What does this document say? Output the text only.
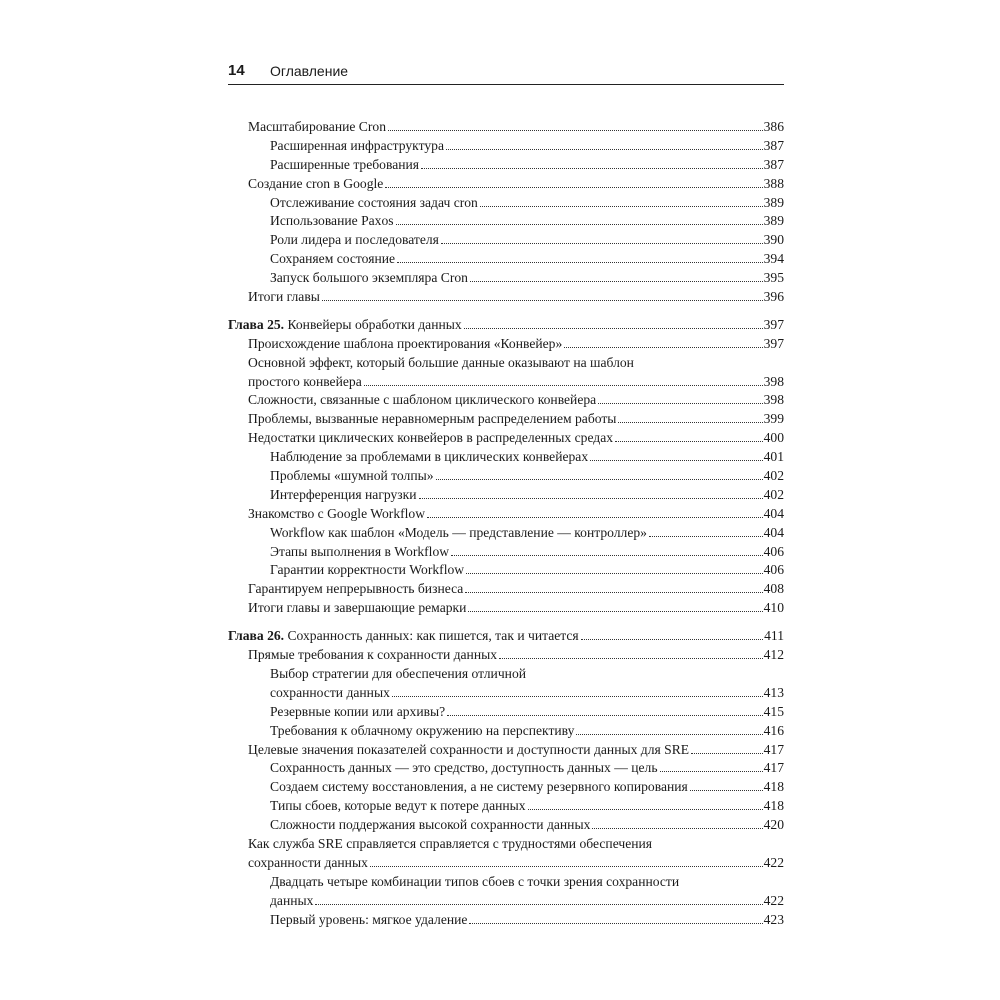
14	Оглавление
Масштабирование Cron	386
Расширенная инфраструктура	387
Расширенные требования	387
Создание cron в Google	388
Отслеживание состояния задач cron	389
Использование Paxos	389
Роли лидера и последователя	390
Сохраняем состояние	394
Запуск большого экземпляра Cron	395
Итоги главы	396
Глава 25. Конвейеры обработки данных	397
Происхождение шаблона проектирования «Конвейер»	397
Основной эффект, который большие данные оказывают на шаблон
простого конвейера	398
Сложности, связанные с шаблоном циклического конвейера	398
Проблемы, вызванные неравномерным распределением работы	399
Недостатки циклических конвейеров в распределенных средах	400
Наблюдение за проблемами в циклических конвейерах	401
Проблемы «шумной толпы»	402
Интерференция нагрузки	402
Знакомство с Google Workflow	404
Workflow как шаблон «Модель — представление — контроллер»	404
Этапы выполнения в Workflow	406
Гарантии корректности Workflow	406
Гарантируем непрерывность бизнеса	408
Итоги главы и завершающие ремарки	410
Глава 26. Сохранность данных: как пишется, так и читается	411
Прямые требования к сохранности данных	412
Выбор стратегии для обеспечения отличной
сохранности данных	413
Резервные копии или архивы?	415
Требования к облачному окружению на перспективу	416
Целевые значения показателей сохранности и доступности данных для SRE	417
Сохранность данных — это средство, доступность данных — цель	417
Создаем систему восстановления, а не систему резервного копирования	418
Типы сбоев, которые ведут к потере данных	418
Сложности поддержания высокой сохранности данных	420
Как служба SRE справляется справляется с трудностями обеспечения
сохранности данных	422
Двадцать четыре комбинации типов сбоев с точки зрения сохранности
данных	422
Первый уровень: мягкое удаление	423
